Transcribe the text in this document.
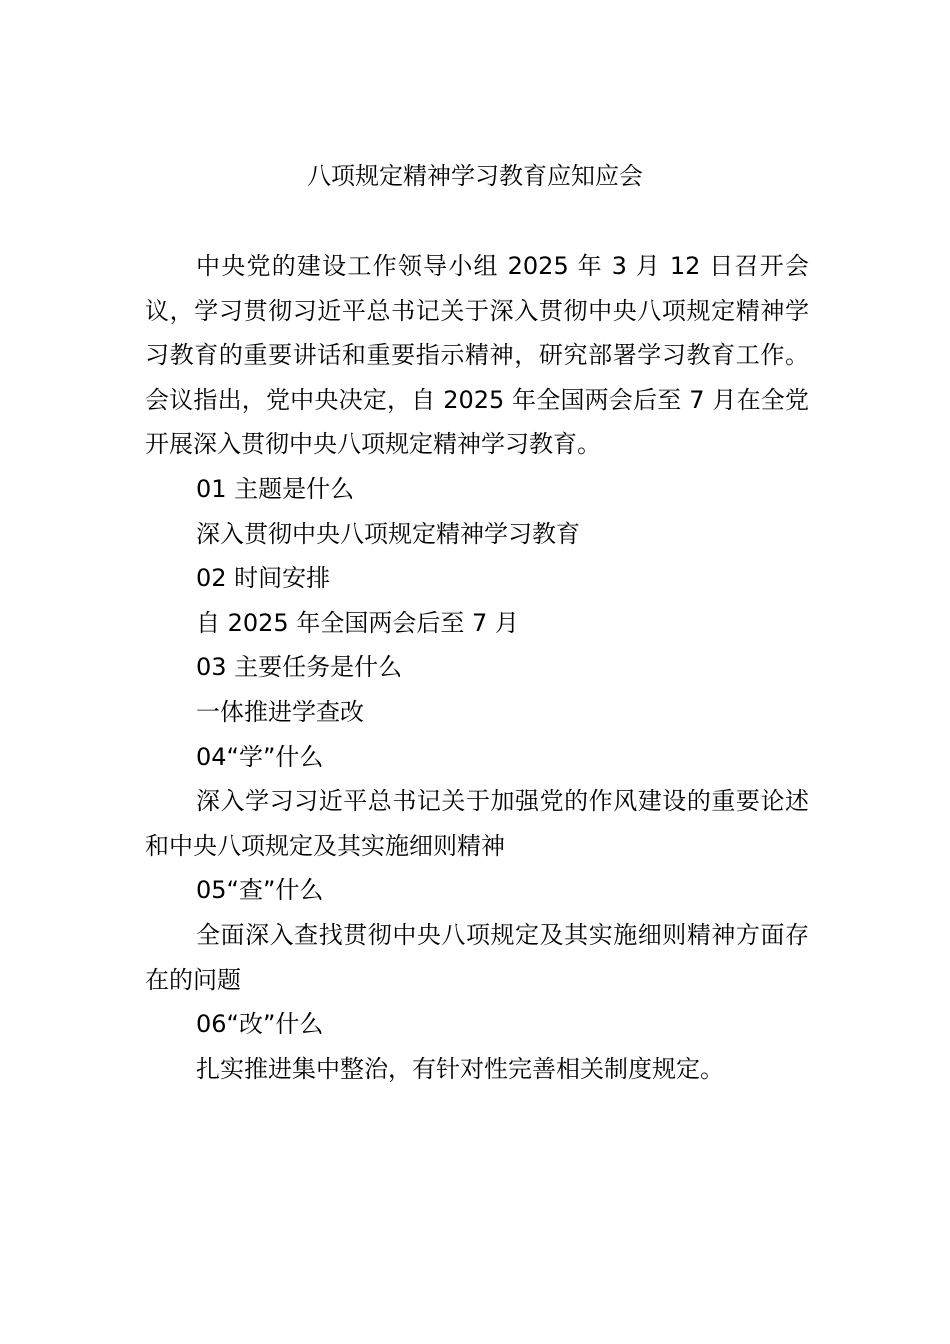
八项规定精神学习教育应知应会

中央党的建设工作领导小组 2025 年 3 月 12 日召开会议，学习贯彻习近平总书记关于深入贯彻中央八项规定精神学习教育的重要讲话和重要指示精神，研究部署学习教育工作。会议指出，党中央决定，自 2025 年全国两会后至 7 月在全党开展深入贯彻中央八项规定精神学习教育。

01 主题是什么

深入贯彻中央八项规定精神学习教育

02 时间安排

自 2025 年全国两会后至 7 月

03 主要任务是什么

一体推进学查改

04“学”什么

深入学习习近平总书记关于加强党的作风建设的重要论述和中央八项规定及其实施细则精神

05“查”什么

全面深入查找贯彻中央八项规定及其实施细则精神方面存在的问题

06“改”什么

扎实推进集中整治，有针对性完善相关制度规定。
